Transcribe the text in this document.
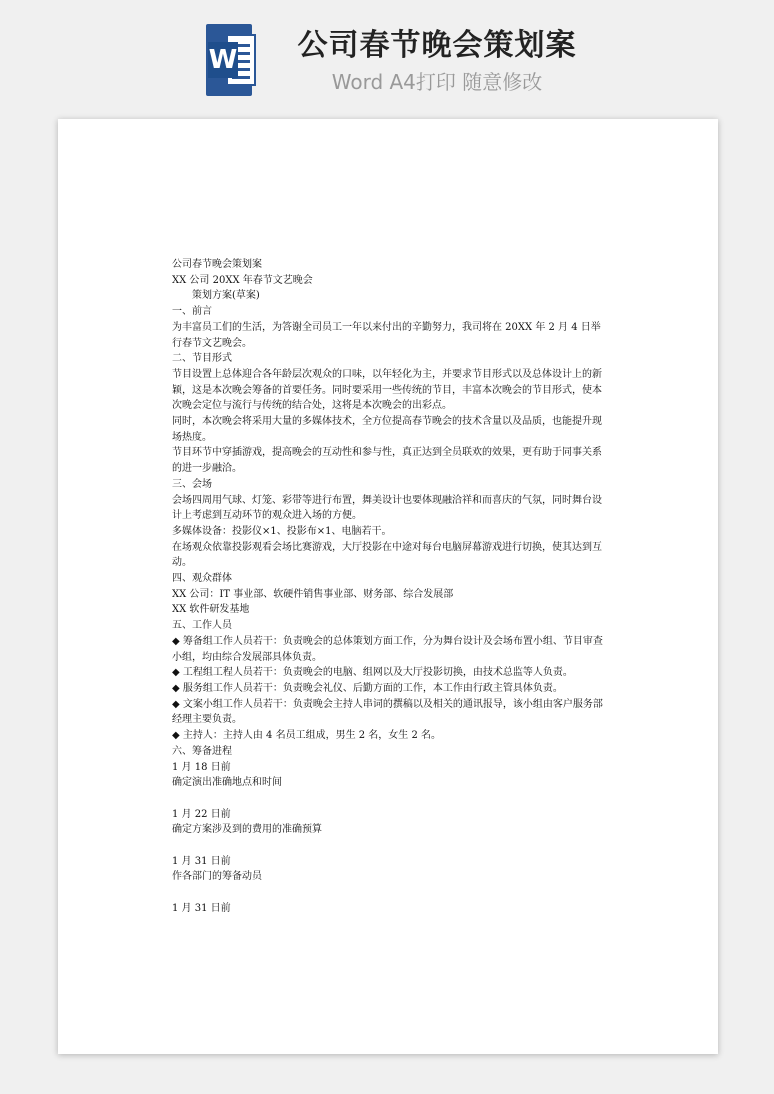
W	公司春节晚会策划案
Word A4打印 随意修改

公司春节晚会策划案

XX 公司 20XX 年春节文艺晚会

策划方案(草案)

一、前言

为丰富员工们的生活，为答谢全司员工一年以来付出的辛勤努力，我司将在 20XX 年 2 月 4 日举行春节文艺晚会。

二、节目形式

节目设置上总体迎合各年龄层次观众的口味，以年轻化为主，并要求节目形式以及总体设计上的新颖，这是本次晚会筹备的首要任务。同时要采用一些传统的节目，丰富本次晚会的节目形式，使本次晚会定位与流行与传统的结合处，这将是本次晚会的出彩点。

同时，本次晚会将采用大量的多媒体技术，全方位提高春节晚会的技术含量以及品质，也能提升现场热度。

节目环节中穿插游戏，提高晚会的互动性和参与性，真正达到全员联欢的效果，更有助于同事关系的进一步融洽。

三、会场

会场四周用气球、灯笼、彩带等进行布置，舞美设计也要体现融洽祥和而喜庆的气氛，同时舞台设计上考虑到互动环节的观众进入场的方便。

多媒体设备：投影仪×1、投影布×1、电脑若干。

在场观众依靠投影观看会场比赛游戏，大厅投影在中途对每台电脑屏幕游戏进行切换，使其达到互动。

四、观众群体

XX 公司：IT 事业部、软硬件销售事业部、财务部、综合发展部

XX 软件研发基地

五、工作人员

◆ 筹备组工作人员若干：负责晚会的总体策划方面工作，分为舞台设计及会场布置小组、节目审查小组，均由综合发展部具体负责。

◆ 工程组工程人员若干：负责晚会的电脑、组网以及大厅投影切换，由技术总监等人负责。

◆ 服务组工作人员若干：负责晚会礼仪、后勤方面的工作，本工作由行政主管具体负责。

◆ 文案小组工作人员若干：负责晚会主持人串词的撰稿以及相关的通讯报导，该小组由客户服务部经理主要负责。

◆ 主持人：主持人由 4 名员工组成，男生 2 名，女生 2 名。

六、筹备进程

1 月 18 日前

确定演出准确地点和时间

1 月 22 日前

确定方案涉及到的费用的准确预算

1 月 31 日前

作各部门的筹备动员

1 月 31 日前
